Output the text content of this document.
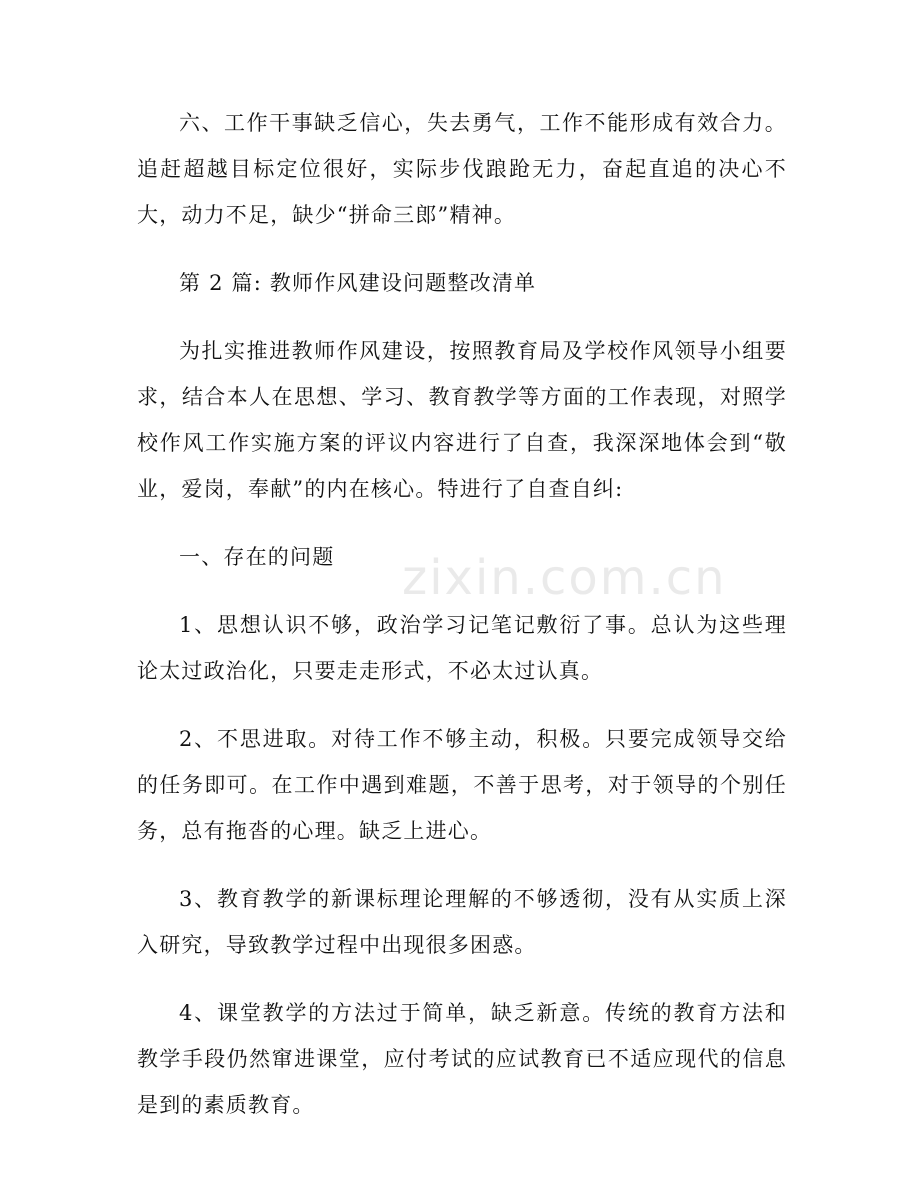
六、工作干事缺乏信心，失去勇气，工作不能形成有效合力。追赶超越目标定位很好，实际步伐踉跄无力，奋起直追的决心不大，动力不足，缺少“拼命三郎”精神。

第 2 篇: 教师作风建设问题整改清单

为扎实推进教师作风建设，按照教育局及学校作风领导小组要求，结合本人在思想、学习、教育教学等方面的工作表现，对照学校作风工作实施方案的评议内容进行了自查，我深深地体会到“敬业，爱岗，奉献”的内在核心。特进行了自查自纠:

一、存在的问题

1、思想认识不够，政治学习记笔记敷衍了事。总认为这些理论太过政治化，只要走走形式，不必太过认真。

2、不思进取。对待工作不够主动，积极。只要完成领导交给的任务即可。在工作中遇到难题，不善于思考，对于领导的个别任务，总有拖沓的心理。缺乏上进心。

3、教育教学的新课标理论理解的不够透彻，没有从实质上深入研究，导致教学过程中出现很多困惑。

4、课堂教学的方法过于简单，缺乏新意。传统的教育方法和教学手段仍然窜进课堂，应付考试的应试教育已不适应现代的信息是到的素质教育。

zixin.com.cn
